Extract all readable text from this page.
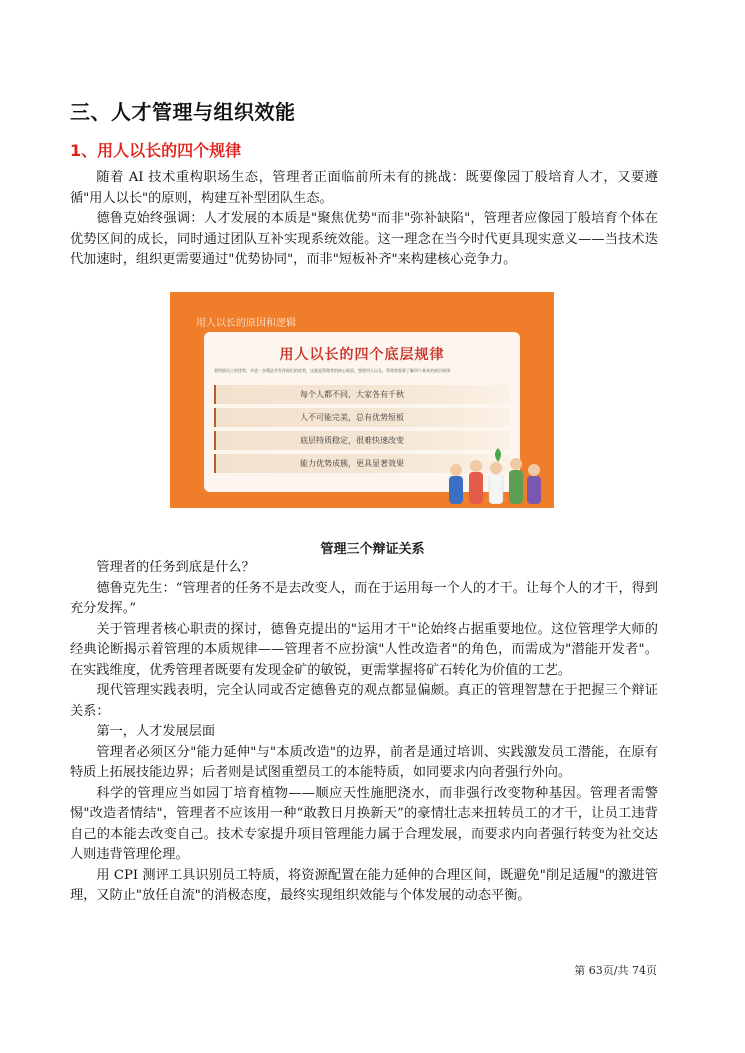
三、人才管理与组织效能
1、用人以长的四个规律

随着 AI 技术重构职场生态，管理者正面临前所未有的挑战：既要像园丁般培育人才，又要遵循"用人以长"的原则，构建互补型团队生态。

德鲁克始终强调：人才发展的本质是"聚焦优势"而非"弥补缺陷"，管理者应像园丁般培育个体在优势区间的成长，同时通过团队互补实现系统效能。这一理念在当今时代更具现实意义——当技术迭代加速时，组织更需要通过"优势协同"，而非"短板补齐"来构建核心竞争力。

用人以长的原因和逻辑
用人以长的四个底层规律
要找到员工的优势，并进一步塑造并发挥他们的优势，这就是管理者的核心职责。想要用人以长，管理者需要了解四个基本的底层规律：
每个人都不同，大家各有千秋
人不可能完美，总有优势短板
底层特质稳定，很难快速改变
能力优势成簇，更具显著效果
管理三个辩证关系

管理者的任务到底是什么？

德鲁克先生：“管理者的任务不是去改变人，而在于运用每一个人的才干。让每个人的才干，得到充分发挥。”

关于管理者核心职责的探讨，德鲁克提出的"运用才干"论始终占据重要地位。这位管理学大师的经典论断揭示着管理的本质规律——管理者不应扮演"人性改造者"的角色，而需成为"潜能开发者"。在实践维度，优秀管理者既要有发现金矿的敏锐，更需掌握将矿石转化为价值的工艺。

现代管理实践表明，完全认同或否定德鲁克的观点都显偏颇。真正的管理智慧在于把握三个辩证关系：

第一，人才发展层面

管理者必须区分"能力延伸"与"本质改造"的边界，前者是通过培训、实践激发员工潜能，在原有特质上拓展技能边界；后者则是试图重塑员工的本能特质，如同要求内向者强行外向。

科学的管理应当如园丁培育植物——顺应天性施肥浇水，而非强行改变物种基因。管理者需警惕"改造者情结"，管理者不应该用一种“敢教日月换新天”的豪情壮志来扭转员工的才干，让员工违背自己的本能去改变自己。技术专家提升项目管理能力属于合理发展，而要求内向者强行转变为社交达人则违背管理伦理。

用 CPI 测评工具识别员工特质，将资源配置在能力延伸的合理区间，既避免"削足适履"的激进管理，又防止"放任自流"的消极态度，最终实现组织效能与个体发展的动态平衡。

第 63页/共 74页
